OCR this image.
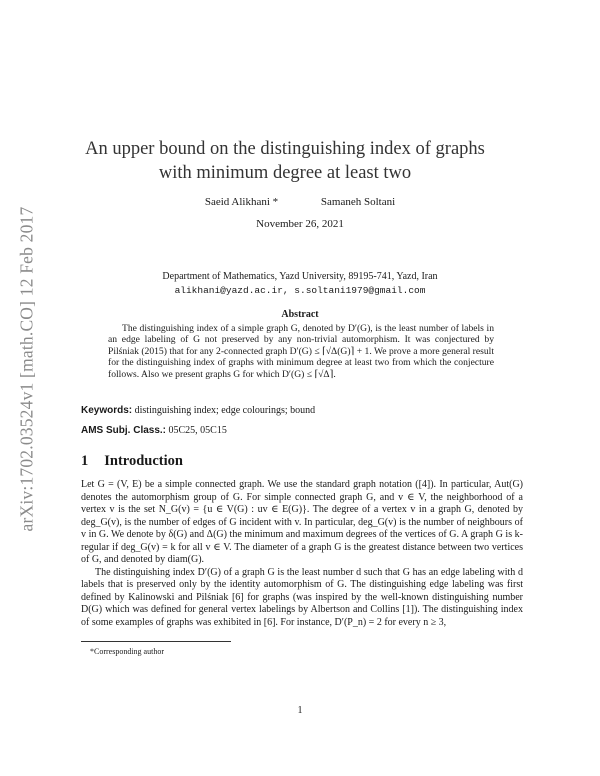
arXiv:1702.03524v1 [math.CO] 12 Feb 2017
An upper bound on the distinguishing index of graphs with minimum degree at least two
Saeid Alikhani *	Samaneh Soltani
November 26, 2021
Department of Mathematics, Yazd University, 89195-741, Yazd, Iran
alikhani@yazd.ac.ir, s.soltani1979@gmail.com
Abstract
The distinguishing index of a simple graph G, denoted by D′(G), is the least number of labels in an edge labeling of G not preserved by any non-trivial automorphism. It was conjectured by Pilśniak (2015) that for any 2-connected graph D′(G) ≤ ⌈√Δ(G)⌉ + 1. We prove a more general result for the distinguishing index of graphs with minimum degree at least two from which the conjecture follows. Also we present graphs G for which D′(G) ≤ ⌈√Δ⌉.
Keywords: distinguishing index; edge colourings; bound
AMS Subj. Class.: 05C25, 05C15
1 Introduction

Let G = (V, E) be a simple connected graph. We use the standard graph notation ([4]). In particular, Aut(G) denotes the automorphism group of G. For simple connected graph G, and v ∈ V, the neighborhood of a vertex v is the set N_G(v) = {u ∈ V(G) : uv ∈ E(G)}. The degree of a vertex v in a graph G, denoted by deg_G(v), is the number of edges of G incident with v. In particular, deg_G(v) is the number of neighbours of v in G. We denote by δ(G) and Δ(G) the minimum and maximum degrees of the vertices of G. A graph G is k-regular if deg_G(v) = k for all v ∈ V. The diameter of a graph G is the greatest distance between two vertices of G, and denoted by diam(G).

The distinguishing index D′(G) of a graph G is the least number d such that G has an edge labeling with d labels that is preserved only by the identity automorphism of G. The distinguishing edge labeling was first defined by Kalinowski and Pilśniak [6] for graphs (was inspired by the well-known distinguishing number D(G) which was defined for general vertex labelings by Albertson and Collins [1]). The distinguishing index of some examples of graphs was exhibited in [6]. For instance, D′(P_n) = 2 for every n ≥ 3,

*Corresponding author
1
